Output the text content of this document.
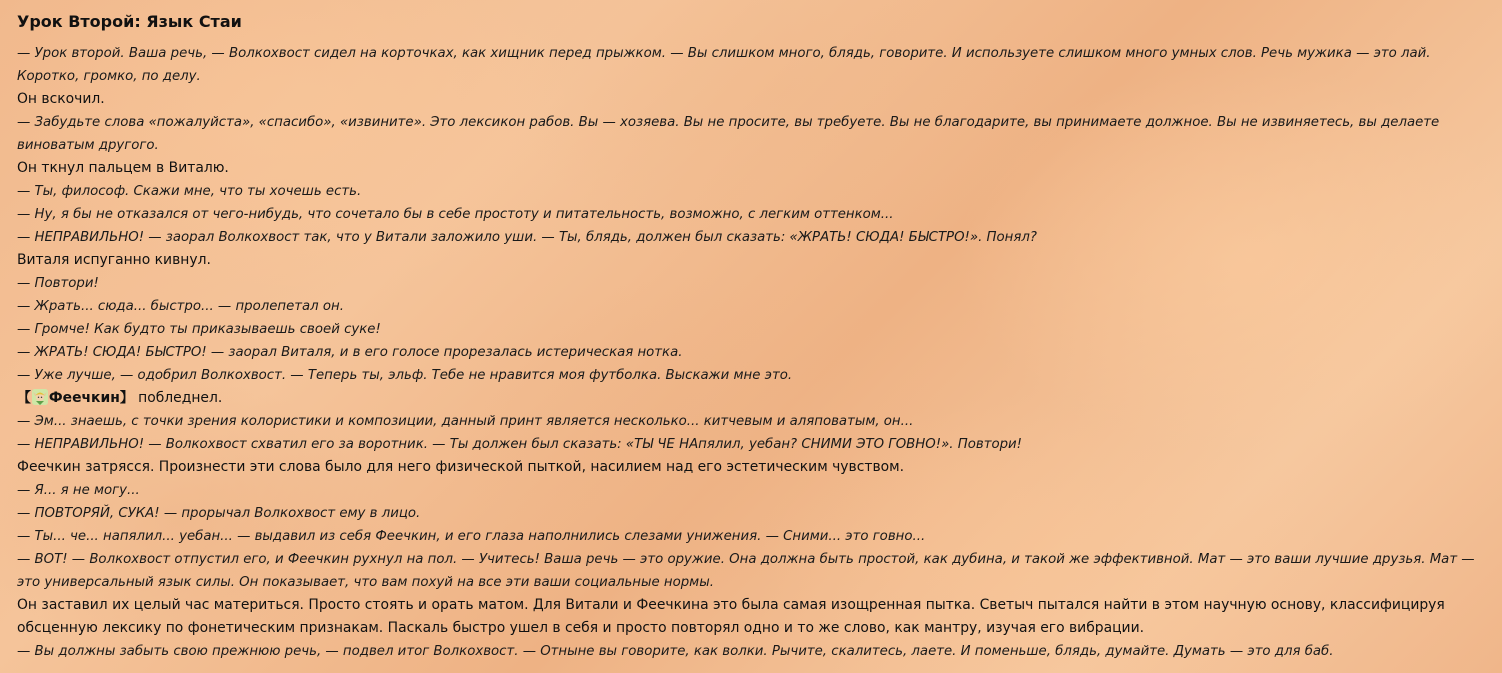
Урок Второй: Язык Стаи

— Урок второй. Ваша речь, — Волкохвост сидел на корточках, как хищник перед прыжком. — Вы слишком много, блядь, говорите. И используете слишком много умных слов. Речь мужика — это лай. Коротко, громко, по делу.

Он вскочил.

— Забудьте слова «пожалуйста», «спасибо», «извините». Это лексикон рабов. Вы — хозяева. Вы не просите, вы требуете. Вы не благодарите, вы принимаете должное. Вы не извиняетесь, вы делаете виноватым другого.

Он ткнул пальцем в Виталю.

— Ты, философ. Скажи мне, что ты хочешь есть.

— Ну, я бы не отказался от чего-нибудь, что сочетало бы в себе простоту и питательность, возможно, с легким оттенком...

— НЕПРАВИЛЬНО! — заорал Волкохвост так, что у Витали заложило уши. — Ты, блядь, должен был сказать: «ЖРАТЬ! СЮДА! БЫСТРО!». Понял?

Виталя испуганно кивнул.

— Повтори!

— Жрать... сюда... быстро... — пролепетал он.

— Громче! Как будто ты приказываешь своей суке!

— ЖРАТЬ! СЮДА! БЫСТРО! — заорал Виталя, и в его голосе прорезалась истерическая нотка.

— Уже лучше, — одобрил Волкохвост. — Теперь ты, эльф. Тебе не нравится моя футболка. Выскажи мне это.

【 Феечкин】 побледнел.

— Эм... знаешь, с точки зрения колористики и композиции, данный принт является несколько... китчевым и аляповатым, он...

— НЕПРАВИЛЬНО! — Волкохвост схватил его за воротник. — Ты должен был сказать: «ТЫ ЧЕ НАпялил, уебан? СНИМИ ЭТО ГОВНО!». Повтори!

Феечкин затрясся. Произнести эти слова было для него физической пыткой, насилием над его эстетическим чувством.

— Я... я не могу...

— ПОВТОРЯЙ, СУКА! — прорычал Волкохвост ему в лицо.

— Ты... че... напялил... уебан... — выдавил из себя Феечкин, и его глаза наполнились слезами унижения. — Сними... это говно...

— ВОТ! — Волкохвост отпустил его, и Феечкин рухнул на пол. — Учитесь! Ваша речь — это оружие. Она должна быть простой, как дубина, и такой же эффективной. Мат — это ваши лучшие друзья. Мат — это универсальный язык силы. Он показывает, что вам похуй на все эти ваши социальные нормы.

Он заставил их целый час материться. Просто стоять и орать матом. Для Витали и Феечкина это была самая изощренная пытка. Светыч пытался найти в этом научную основу, классифицируя обсценную лексику по фонетическим признакам. Паскаль быстро ушел в себя и просто повторял одно и то же слово, как мантру, изучая его вибрации.

— Вы должны забыть свою прежнюю речь, — подвел итог Волкохвост. — Отныне вы говорите, как волки. Рычите, скалитесь, лаете. И поменьше, блядь, думайте. Думать — это для баб.
